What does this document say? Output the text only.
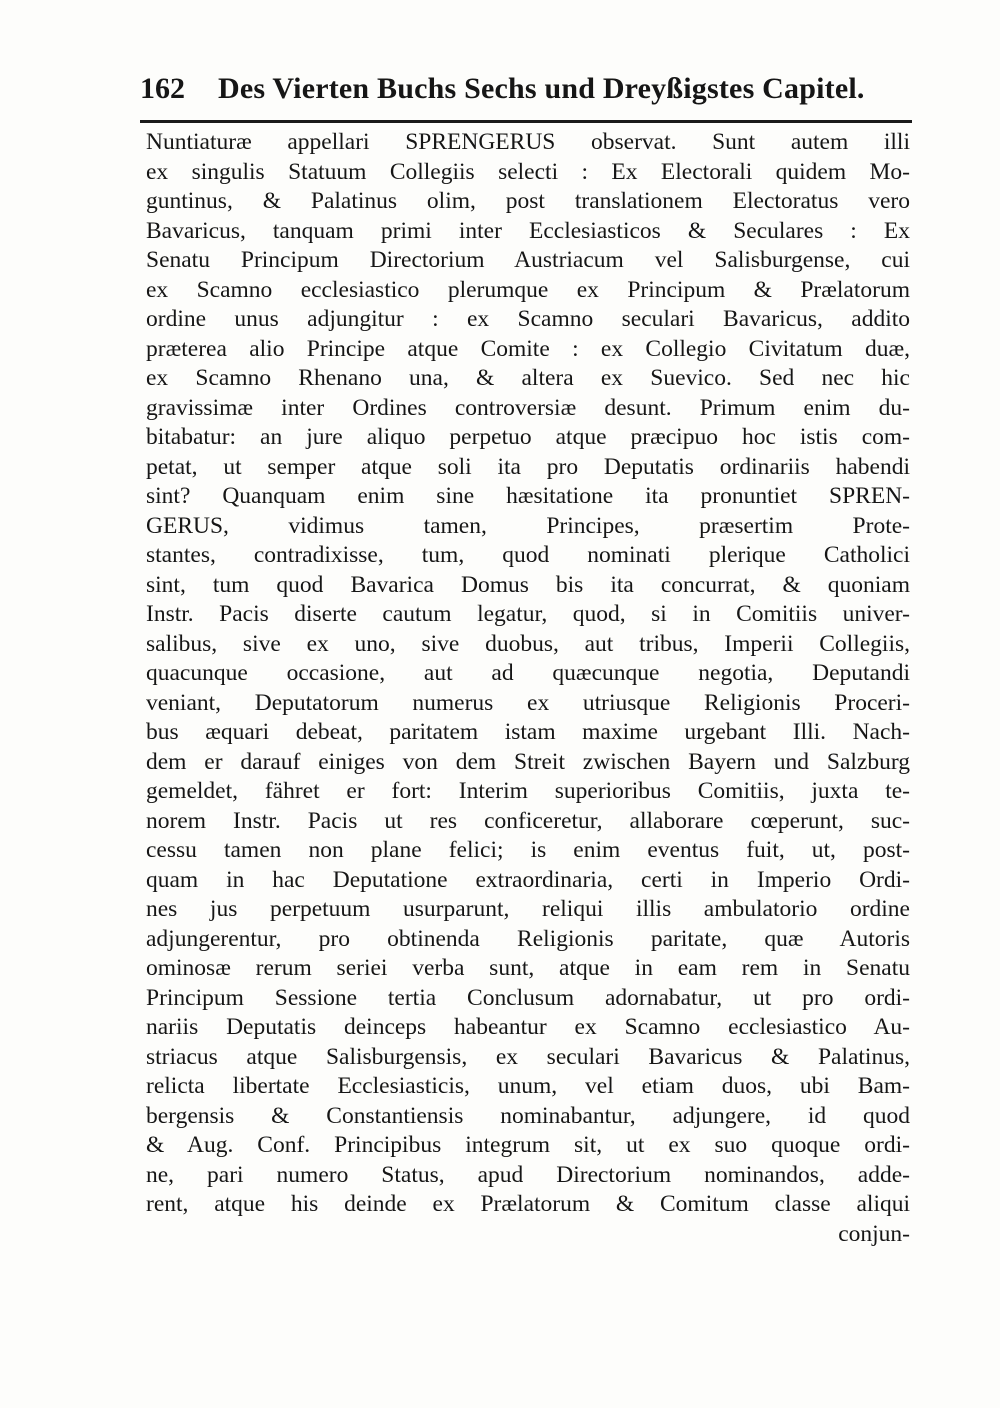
162	Des Vierten Buchs Sechs und Dreyßigstes Capitel.
Nuntiaturæ appellari SPRENGERUS observat. Sunt autem illi
ex singulis Statuum Collegiis selecti : Ex Electorali quidem Mo-
guntinus, & Palatinus olim, post translationem Electoratus vero
Bavaricus, tanquam primi inter Ecclesiasticos & Seculares : Ex
Senatu Principum Directorium Austriacum vel Salisburgense, cui
ex Scamno ecclesiastico plerumque ex Principum & Prælatorum
ordine unus adjungitur : ex Scamno seculari Bavaricus, addito
præterea alio Principe atque Comite : ex Collegio Civitatum duæ,
ex Scamno Rhenano una, & altera ex Suevico. Sed nec hic
gravissimæ inter Ordines controversiæ desunt. Primum enim du-
bitabatur: an jure aliquo perpetuo atque præcipuo hoc istis com-
petat, ut semper atque soli ita pro Deputatis ordinariis habendi
sint? Quanquam enim sine hæsitatione ita pronuntiet SPREN-
GERUS, vidimus tamen, Principes, præsertim Prote-
stantes, contradixisse, tum, quod nominati plerique Catholici
sint, tum quod Bavarica Domus bis ita concurrat, & quoniam
Instr. Pacis diserte cautum legatur, quod, si in Comitiis univer-
salibus, sive ex uno, sive duobus, aut tribus, Imperii Collegiis,
quacunque occasione, aut ad quæcunque negotia, Deputandi
veniant, Deputatorum numerus ex utriusque Religionis Proceri-
bus æquari debeat, paritatem istam maxime urgebant Illi. Nach-
dem er darauf einiges von dem Streit zwischen Bayern und Salzburg
gemeldet, fähret er fort: Interim superioribus Comitiis, juxta te-
norem Instr. Pacis ut res conficeretur, allaborare cœperunt, suc-
cessu tamen non plane felici; is enim eventus fuit, ut, post-
quam in hac Deputatione extraordinaria, certi in Imperio Ordi-
nes jus perpetuum usurparunt, reliqui illis ambulatorio ordine
adjungerentur, pro obtinenda Religionis paritate, quæ Autoris
ominosæ rerum seriei verba sunt, atque in eam rem in Senatu
Principum Sessione tertia Conclusum adornabatur, ut pro ordi-
nariis Deputatis deinceps habeantur ex Scamno ecclesiastico Au-
striacus atque Salisburgensis, ex seculari Bavaricus & Palatinus,
relicta libertate Ecclesiasticis, unum, vel etiam duos, ubi Bam-
bergensis & Constantiensis nominabantur, adjungere, id quod
& Aug. Conf. Principibus integrum sit, ut ex suo quoque ordi-
ne, pari numero Status, apud Directorium nominandos, adde-
rent, atque his deinde ex Prælatorum & Comitum classe aliqui
conjun-
